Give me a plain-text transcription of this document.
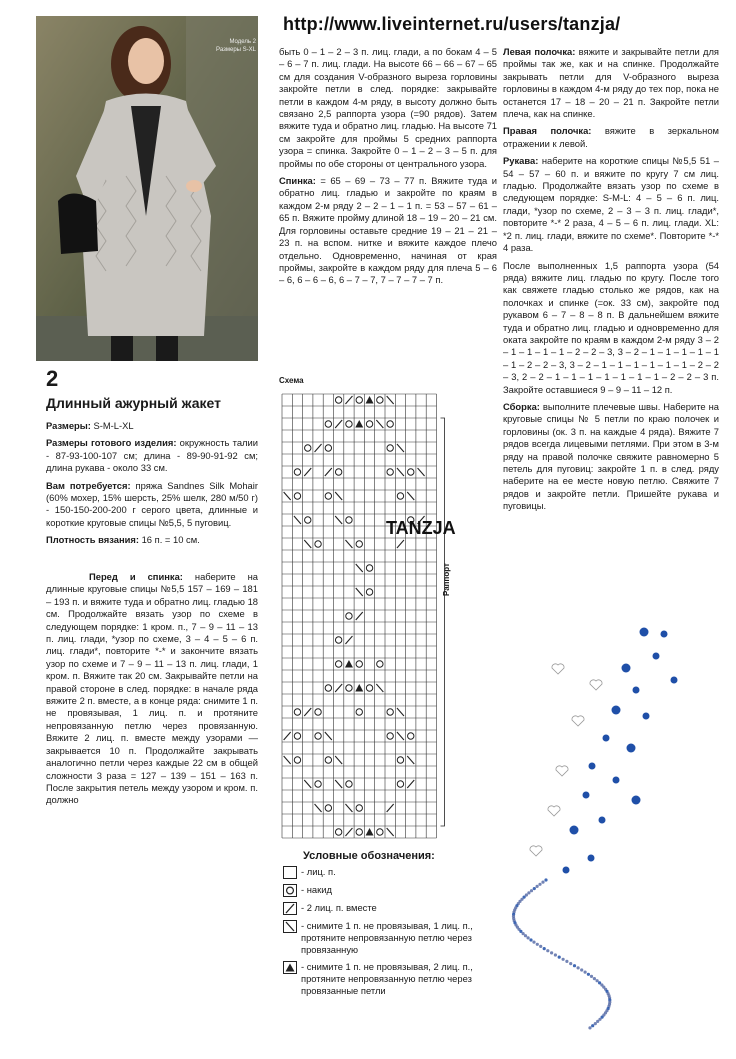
http://www.liveinternet.ru/users/tanzja/
Модель 2
Размеры S-XL
2
Длинный ажурный жакет

Размеры: S-M-L-XL

Размеры готового изделия: окружность талии - 87-93-100-107 см; длина - 89-90-91-92 см; длина рукава - около 33 см.

Вам потребуется: пряжа Sandnes Silk Mohair (60% мохер, 15% шерсть, 25% шелк, 280 м/50 г) - 150-150-200-200 г серого цвета, длинные и короткие круговые спицы №5,5, 5 пуговиц.

Плотность вязания: 16 п. = 10 см.

Перед и спинка: наберите на длинные круговые спицы №5,5 157 – 169 – 181 – 193 п. и вяжите туда и обратно лиц. гладью 18 см. Продолжайте вязать узор по схеме в следующем порядке: 1 кром. п., 7 – 9 – 11 – 13 п. лиц. глади, *узор по схеме, 3 – 4 – 5 – 6 п. лиц. глади*, повторите *-* и закончите вязать узор по схеме и 7 – 9 – 11 – 13 п. лиц. глади, 1 кром. п. Вяжите так 20 см. Закрывайте петли на правой стороне в след. порядке: в начале ряда вяжите 2 п. вместе, а в конце ряда: снимите 1 п. не провязывая, 1 лиц. п. и протяните непровязанную петлю через провязанную. Вяжите 2 лиц. п. вместе между узорами — закрывается 10 п. Продолжайте закрывать аналогично петли через каждые 22 см в общей сложности 3 раза = 127 – 139 – 151 – 163 п. После закрытия петель между узором и кром. п. должно

быть 0 – 1 – 2 – 3 п. лиц. глади, а по бокам 4 – 5 – 6 – 7 п. лиц. глади. На высоте 66 – 66 – 67 – 65 см для создания V-образного выреза горловины закройте петли в след. порядке: закрывайте петли в каждом 4-м ряду, в высоту должно быть связано 2,5 раппорта узора (=90 рядов). Затем вяжите туда и обратно лиц. гладью. На высоте 71 см закройте для проймы 5 средних раппорта узора = спинка. Закройте 0 – 1 – 2 – 3 – 5 п. для проймы по обе стороны от центрального узора.

Спинка: = 65 – 69 – 73 – 77 п. Вяжите туда и обратно лиц. гладью и закройте по краям в каждом 2-м ряду 2 – 2 – 1 – 1 п. = 53 – 57 – 61 – 65 п. Вяжите пройму длиной 18 – 19 – 20 – 21 см. Для горловины оставьте средние 19 – 21 – 21 – 23 п. на вспом. нитке и вяжите каждое плечо отдельно. Одновременно, начиная от края проймы, закройте в каждом ряду для плеча 5 – 6 – 6, 6 – 6 – 6, 6 – 7 – 7, 7 – 7 – 7 – 7 п.

Схема
Раппорт
TANZJA
Условные обозначения:
- лиц. п.
- накид
- 2 лиц. п. вместе
- снимите 1 п. не провязывая, 1 лиц. п., протяните непровязанную петлю через провязанную
- снимите 1 п. не провязывая, 2 лиц. п., протяните непровязанную петлю через провязанные петли

Левая полочка: вяжите и закрывайте петли для проймы так же, как и на спинке. Продолжайте закрывать петли для V-образного выреза горловины в каждом 4-м ряду до тех пор, пока не останется 17 – 18 – 20 – 21 п. Закройте петли плеча, как на спинке.

Правая полочка: вяжите в зеркальном отражении к левой.

Рукава: наберите на короткие спицы №5,5 51 – 54 – 57 – 60 п. и вяжите по кругу 7 см лиц. гладью. Продолжайте вязать узор по схеме в следующем порядке: S-M-L: 4 – 5 – 6 п. лиц. глади, *узор по схеме, 2 – 3 – 3 п. лиц. глади*, повторите *-* 2 раза, 4 – 5 – 6 п. лиц. глади. XL: *2 п. лиц. глади, вяжите по схеме*. Повторите *-* 4 раза.

После выполненных 1,5 раппорта узора (54 ряда) вяжите лиц. гладью по кругу. После того как свяжете гладью столько же рядов, как на полочках и спинке (=ок. 33 см), закройте под рукавом 6 – 7 – 8 – 8 п. В дальнейшем вяжите туда и обратно лиц. гладью и одновременно для оката закройте по краям в каждом 2-м ряду 3 – 2 – 1 – 1 – 1 – 1 – 2 – 2 – 3, 3 – 2 – 1 – 1 – 1 – 1 – 1 – 1 – 2 – 2 – 3, 3 – 2 – 1 – 1 – 1 – 1 – 1 – 1 – 2 – 2 – 3, 2 – 2 – 1 – 1 – 1 – 1 – 1 – 1 – 1 – 2 – 2 – 3 п. Закройте оставшиеся 9 – 9 – 11 – 12 п.

Сборка: выполните плечевые швы. Наберите на круговые спицы № 5 петли по краю полочек и горловины (ок. 3 п. на каждые 4 ряда). Вяжите 7 рядов всегда лицевыми петлями. При этом в 3-м ряду на правой полочке свяжите равномерно 5 петель для пуговиц: закройте 1 п. в след. ряду наберите на ее месте новую петлю. Свяжите 7 рядов и закройте петли. Пришейте рукава и пуговицы.
